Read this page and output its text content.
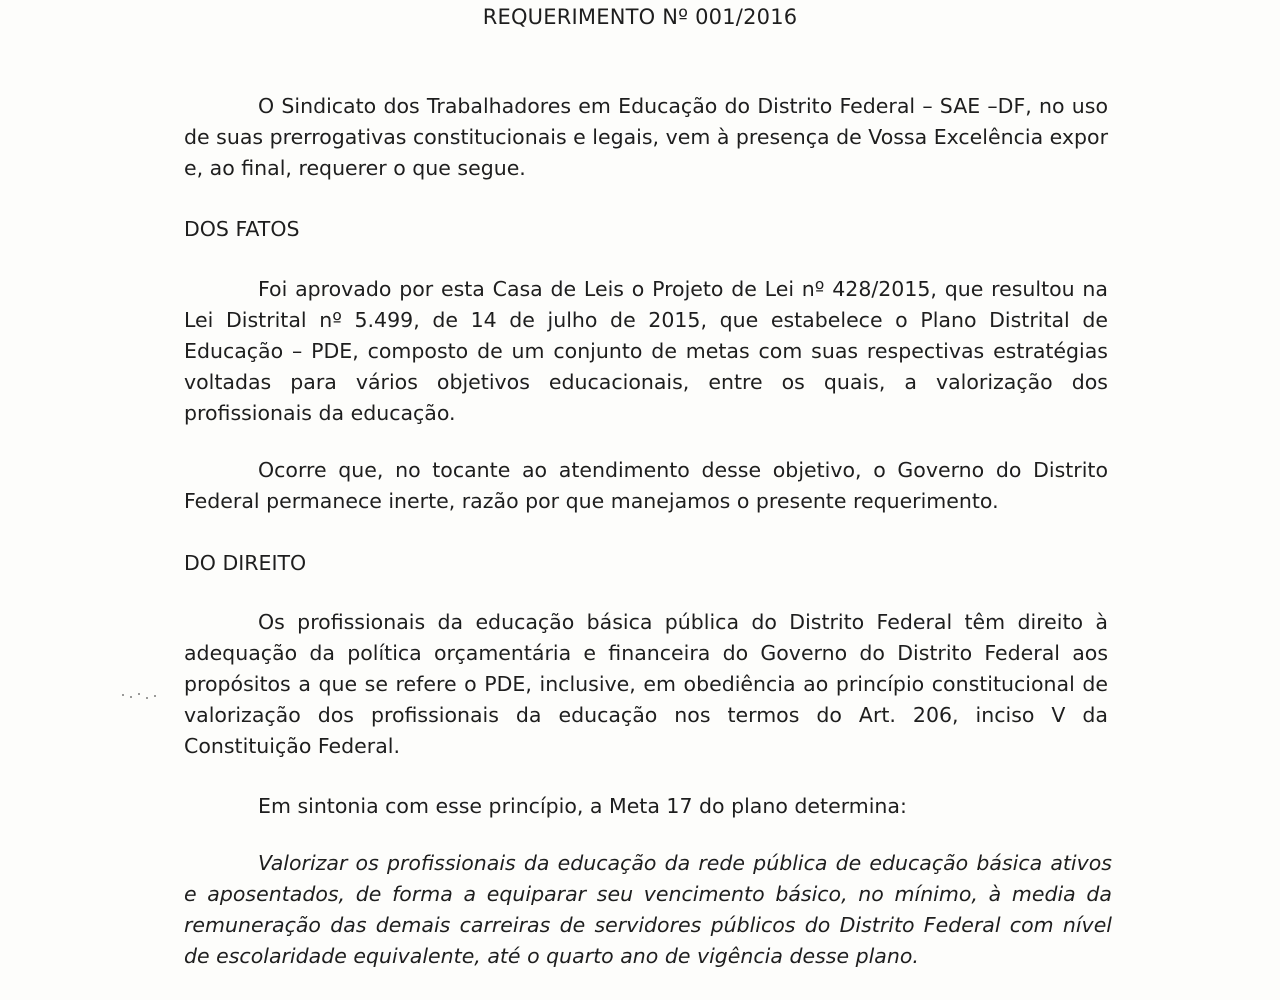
REQUERIMENTO Nº 001/2016

O Sindicato dos Trabalhadores em Educação do Distrito Federal – SAE –DF, no uso de suas prerrogativas constitucionais e legais, vem à presença de Vossa Excelência expor e, ao final, requerer o que segue.

DOS FATOS

Foi aprovado por esta Casa de Leis o Projeto de Lei nº 428/2015, que resultou na Lei Distrital nº 5.499, de 14 de julho de 2015, que estabelece o Plano Distrital de Educação – PDE, composto de um conjunto de metas com suas respectivas estratégias voltadas para vários objetivos educacionais, entre os quais, a valorização dos profissionais da educação.

Ocorre que, no tocante ao atendimento desse objetivo, o Governo do Distrito Federal permanece inerte, razão por que manejamos o presente requerimento.

DO DIREITO

Os profissionais da educação básica pública do Distrito Federal têm direito à adequação da política orçamentária e financeira do Governo do Distrito Federal aos propósitos a que se refere o PDE, inclusive, em obediência ao princípio constitucional de valorização dos profissionais da educação nos termos do Art. 206, inciso V da Constituição Federal.

Em sintonia com esse princípio, a Meta 17 do plano determina:

Valorizar os profissionais da educação da rede pública de educação básica ativos e aposentados, de forma a equiparar seu vencimento básico, no mínimo, à media da remuneração das demais carreiras de servidores públicos do Distrito Federal com nível de escolaridade equivalente, até o quarto ano de vigência desse plano.
